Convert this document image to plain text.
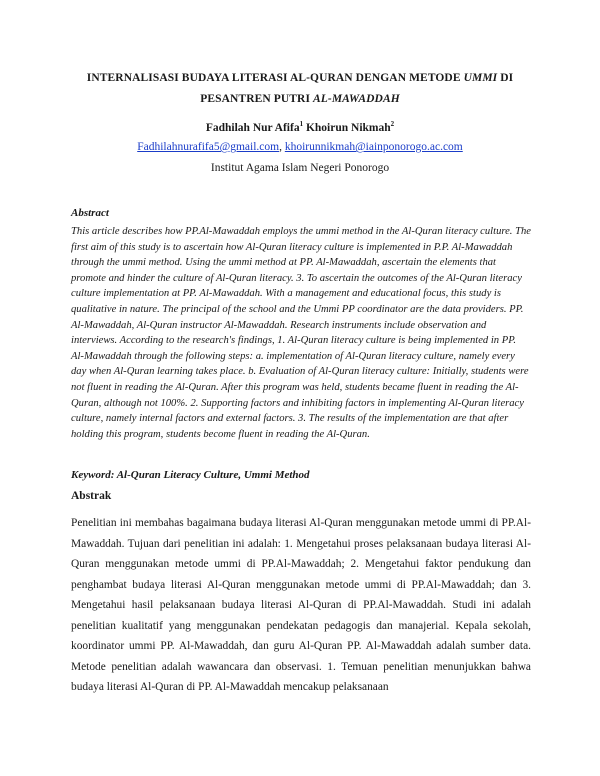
INTERNALISASI BUDAYA LITERASI AL-QURAN DENGAN METODE UMMI DI
PESANTREN PUTRI AL-MAWADDAH
Fadhilah Nur Afifa$^1$ Khoirun Nikmah$^2$
Fadhilahnurafifa5@gmail.com, khoirunnikmah@iainponorogo.ac.com
Institut Agama Islam Negeri Ponorogo
Abstract
This article describes how PP.Al-Mawaddah employs the ummi method in the Al-Quran literacy culture. The first aim of this study is to ascertain how Al-Quran literacy culture is implemented in P.P. Al-Mawaddah through the ummi method. Using the ummi method at PP. Al-Mawaddah, ascertain the elements that promote and hinder the culture of Al-Quran literacy. 3. To ascertain the outcomes of the Al-Quran literacy culture implementation at PP. Al-Mawaddah. With a management and educational focus, this study is qualitative in nature. The principal of the school and the Ummi PP coordinator are the data providers. PP. Al-Mawaddah, Al-Quran instructor Al-Mawaddah. Research instruments include observation and interviews. According to the research's findings, 1. Al-Quran literacy culture is being implemented in PP. Al-Mawaddah through the following steps: a. implementation of Al-Quran literacy culture, namely every day when Al-Quran learning takes place. b. Evaluation of Al-Quran literacy culture: Initially, students were not fluent in reading the Al-Quran. After this program was held, students became fluent in reading the Al-Quran, although not 100%. 2. Supporting factors and inhibiting factors in implementing Al-Quran literacy culture, namely internal factors and external factors. 3. The results of the implementation are that after holding this program, students become fluent in reading the Al-Quran.
Keyword: Al-Quran Literacy Culture, Ummi Method
Abstrak
Penelitian ini membahas bagaimana budaya literasi Al-Quran menggunakan metode ummi di PP.Al-Mawaddah. Tujuan dari penelitian ini adalah: 1. Mengetahui proses pelaksanaan budaya literasi Al-Quran menggunakan metode ummi di PP.Al-Mawaddah; 2. Mengetahui faktor pendukung dan penghambat budaya literasi Al-Quran menggunakan metode ummi di PP.Al-Mawaddah; dan 3. Mengetahui hasil pelaksanaan budaya literasi Al-Quran di PP.Al-Mawaddah. Studi ini adalah penelitian kualitatif yang menggunakan pendekatan pedagogis dan manajerial. Kepala sekolah, koordinator ummi PP. Al-Mawaddah, dan guru Al-Quran PP. Al-Mawaddah adalah sumber data. Metode penelitian adalah wawancara dan observasi. 1. Temuan penelitian menunjukkan bahwa budaya literasi Al-Quran di PP. Al-Mawaddah mencakup pelaksanaan
